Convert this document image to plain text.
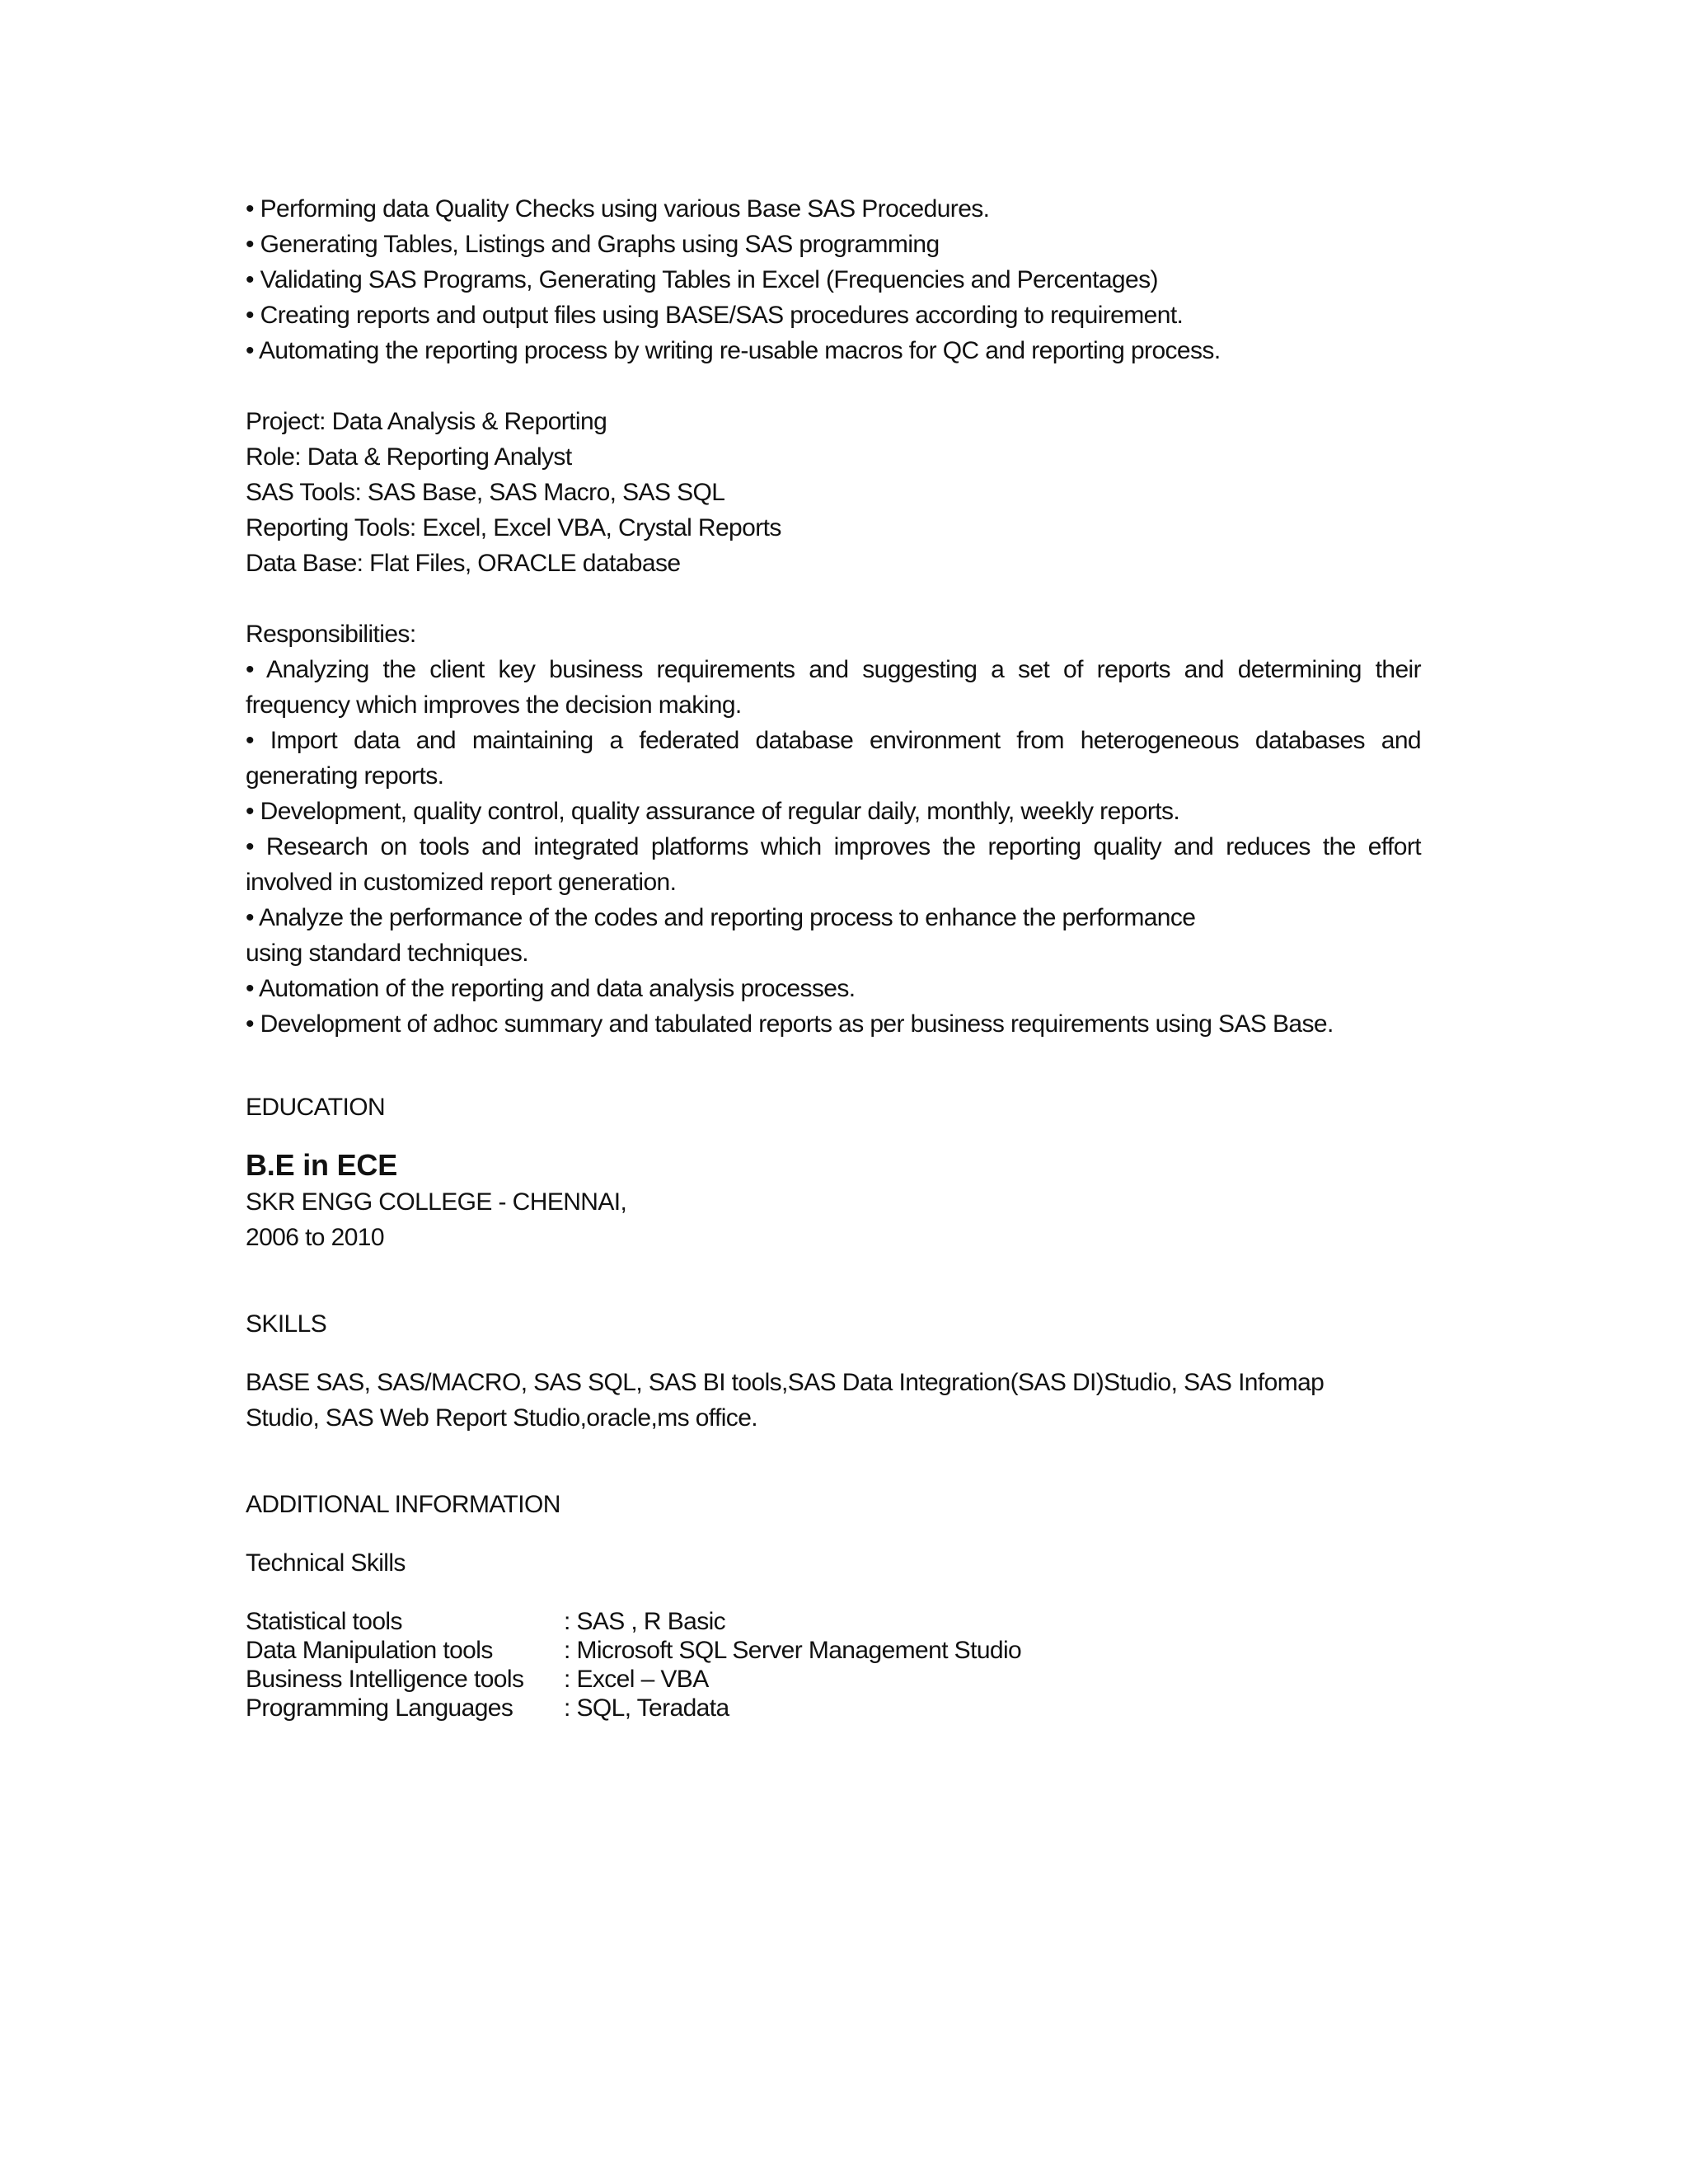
• Performing data Quality Checks using various Base SAS Procedures.
• Generating Tables, Listings and Graphs using SAS programming
• Validating SAS Programs, Generating Tables in Excel (Frequencies and Percentages)
• Creating reports and output files using BASE/SAS procedures according to requirement.
• Automating the reporting process by writing re-usable macros for QC and reporting process.
Project: Data Analysis & Reporting
Role: Data & Reporting Analyst
SAS Tools: SAS Base, SAS Macro, SAS SQL
Reporting Tools: Excel, Excel VBA, Crystal Reports
Data Base: Flat Files, ORACLE database
Responsibilities:
• Analyzing the client key business requirements and suggesting a set of reports and determining their
frequency which improves the decision making.
• Import data and maintaining a federated database environment from heterogeneous databases and
generating reports.
• Development, quality control, quality assurance of regular daily, monthly, weekly reports.
• Research on tools and integrated platforms which improves the reporting quality and reduces the effort
involved in customized report generation.
• Analyze the performance of the codes and reporting process to enhance the performance
using standard techniques.
• Automation of the reporting and data analysis processes.
• Development of adhoc summary and tabulated reports as per business requirements using SAS Base.
EDUCATION
B.E in ECE
SKR ENGG COLLEGE - CHENNAI,
2006 to 2010
SKILLS
BASE SAS, SAS/MACRO, SAS SQL, SAS BI tools,SAS Data Integration(SAS DI)Studio, SAS Infomap
Studio, SAS Web Report Studio,oracle,ms office.
ADDITIONAL INFORMATION
Technical Skills
Statistical tools	: SAS , R Basic
Data Manipulation tools	: Microsoft SQL Server Management Studio
Business Intelligence tools	: Excel – VBA
Programming Languages	: SQL, Teradata
